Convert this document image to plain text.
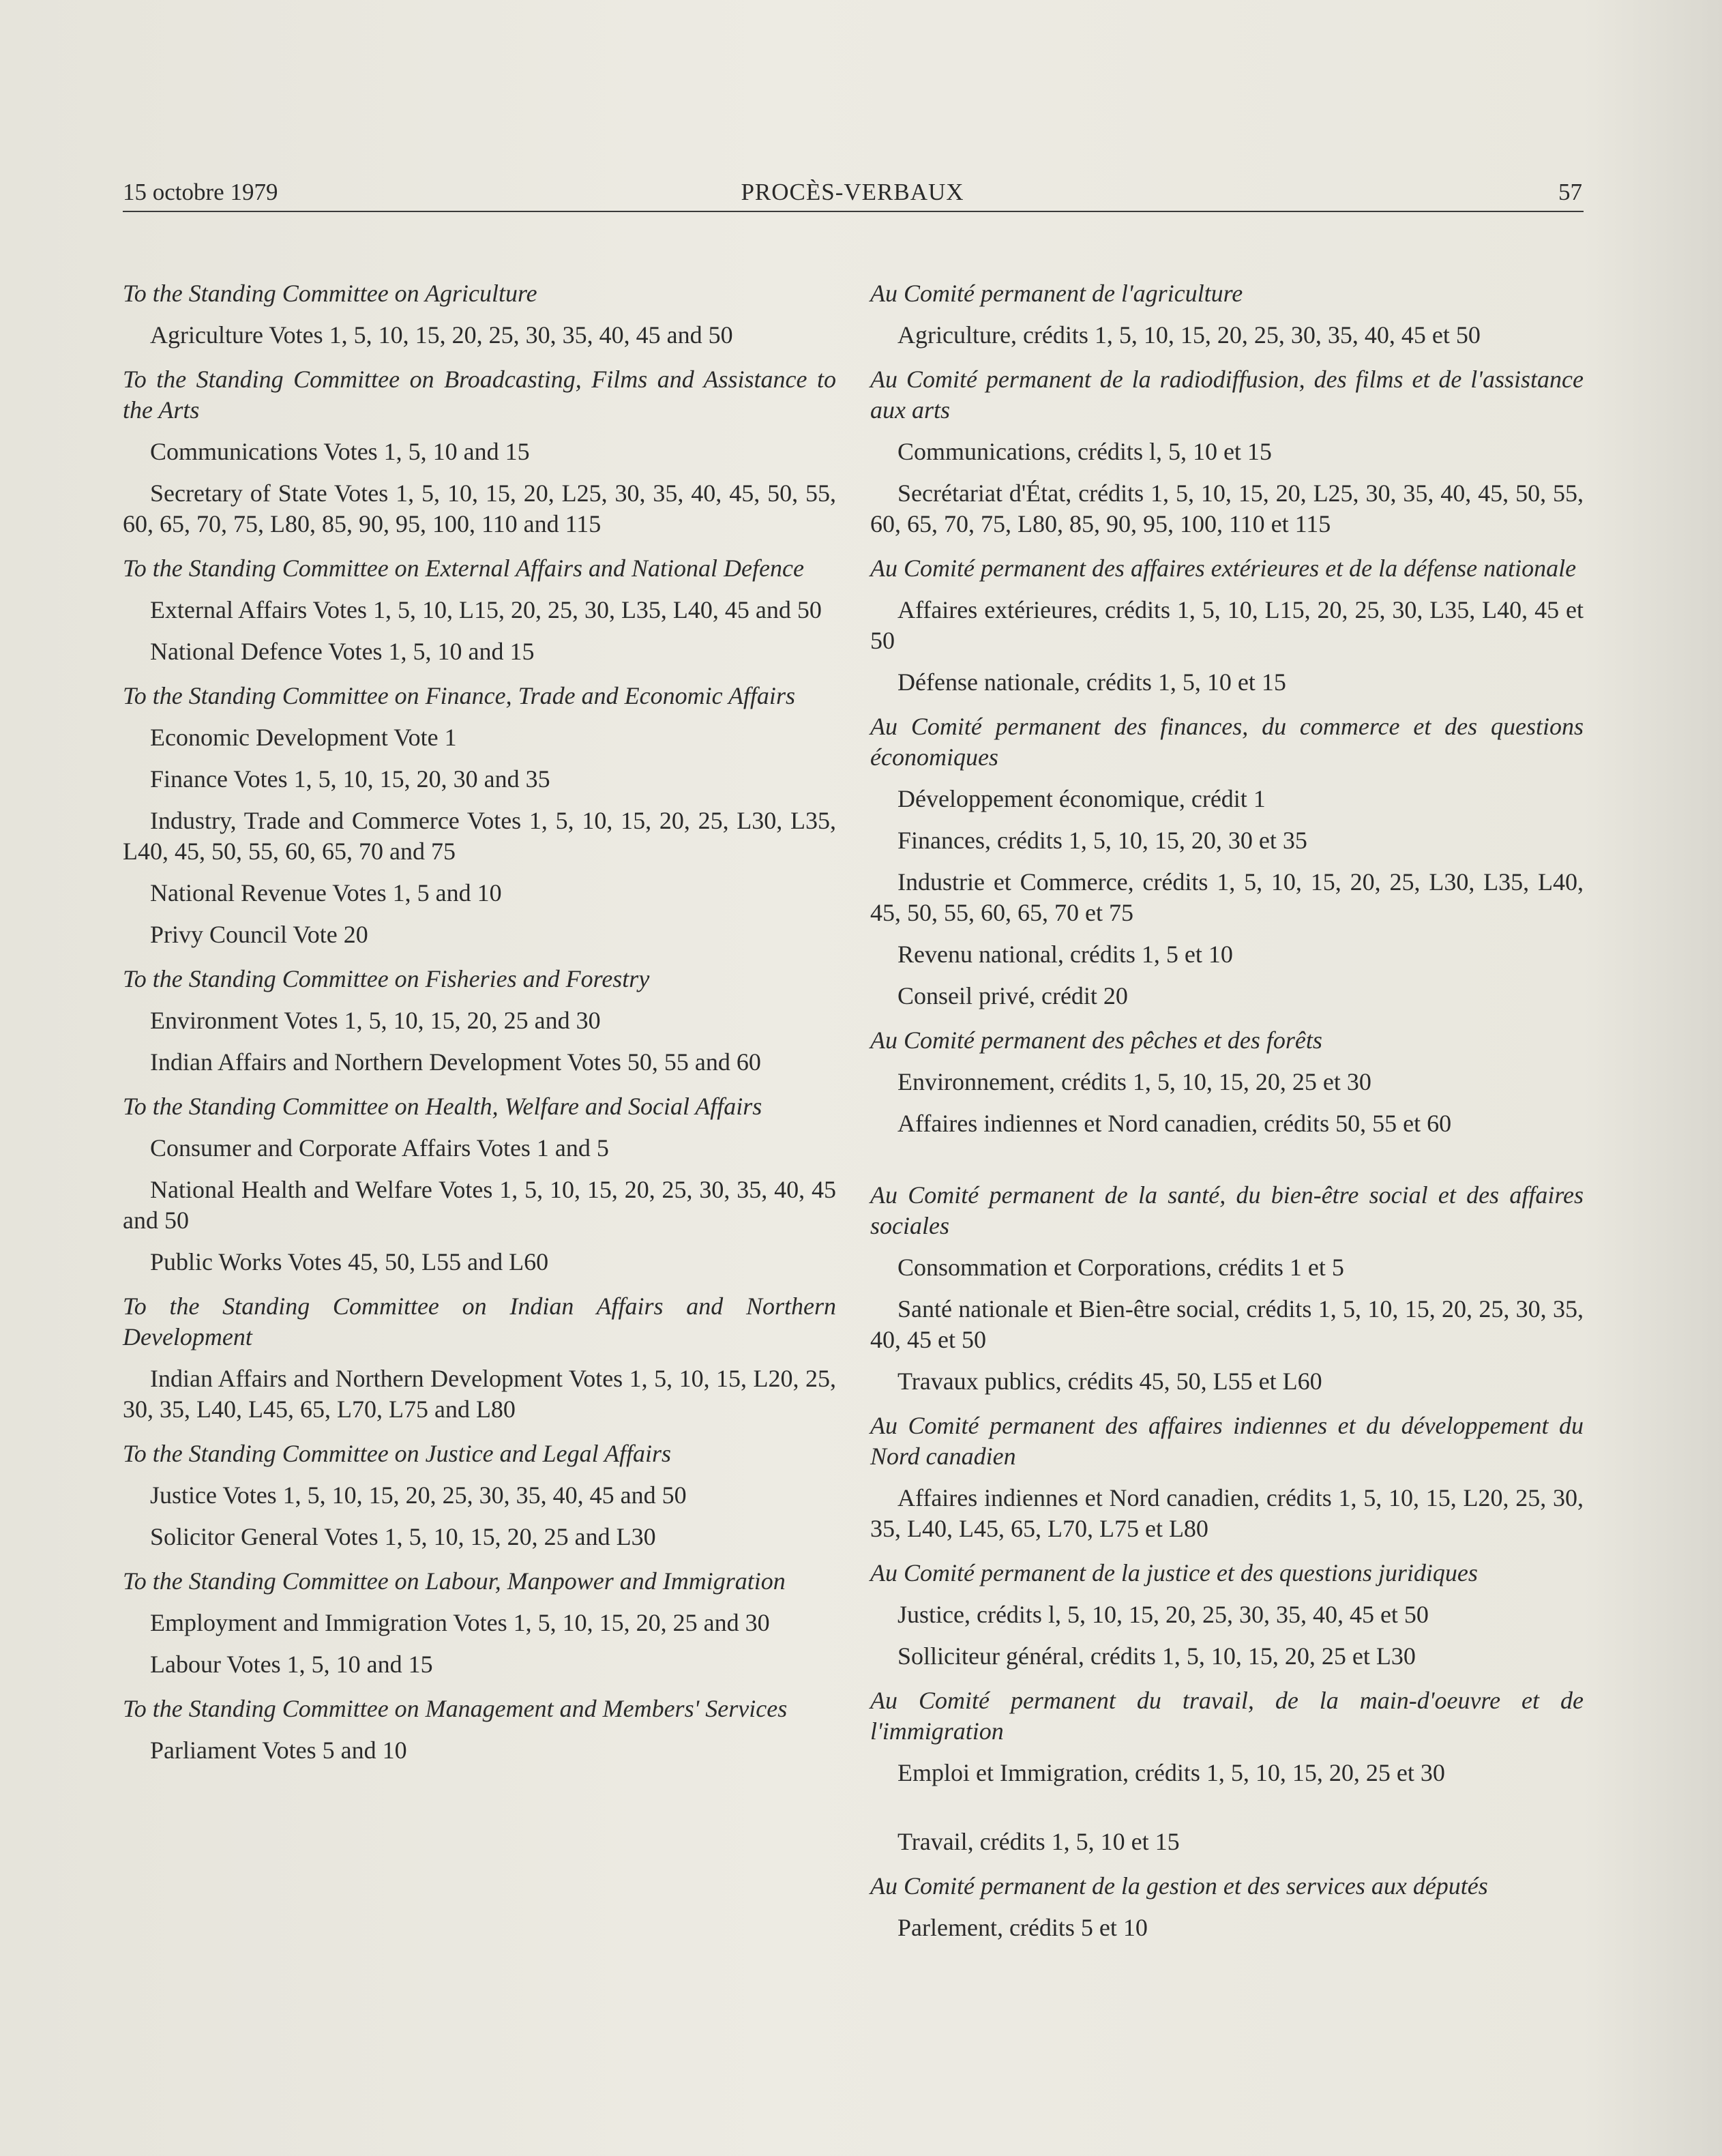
15 octobre 1979	PROCÈS-VERBAUX	57
To the Standing Committee on Agriculture
Agriculture Votes 1, 5, 10, 15, 20, 25, 30, 35, 40, 45 and 50
To the Standing Committee on Broadcasting, Films and Assistance to the Arts
Communications Votes 1, 5, 10 and 15
Secretary of State Votes 1, 5, 10, 15, 20, L25, 30, 35, 40, 45, 50, 55, 60, 65, 70, 75, L80, 85, 90, 95, 100, 110 and 115
To the Standing Committee on External Affairs and National Defence
External Affairs Votes 1, 5, 10, L15, 20, 25, 30, L35, L40, 45 and 50
National Defence Votes 1, 5, 10 and 15
To the Standing Committee on Finance, Trade and Economic Affairs
Economic Development Vote 1
Finance Votes 1, 5, 10, 15, 20, 30 and 35
Industry, Trade and Commerce Votes 1, 5, 10, 15, 20, 25, L30, L35, L40, 45, 50, 55, 60, 65, 70 and 75
National Revenue Votes 1, 5 and 10
Privy Council Vote 20
To the Standing Committee on Fisheries and Forestry
Environment Votes 1, 5, 10, 15, 20, 25 and 30
Indian Affairs and Northern Development Votes 50, 55 and 60
To the Standing Committee on Health, Welfare and Social Affairs
Consumer and Corporate Affairs Votes 1 and 5
National Health and Welfare Votes 1, 5, 10, 15, 20, 25, 30, 35, 40, 45 and 50
Public Works Votes 45, 50, L55 and L60
To the Standing Committee on Indian Affairs and Northern Development
Indian Affairs and Northern Development Votes 1, 5, 10, 15, L20, 25, 30, 35, L40, L45, 65, L70, L75 and L80
To the Standing Committee on Justice and Legal Affairs
Justice Votes 1, 5, 10, 15, 20, 25, 30, 35, 40, 45 and 50
Solicitor General Votes 1, 5, 10, 15, 20, 25 and L30
To the Standing Committee on Labour, Manpower and Immigration
Employment and Immigration Votes 1, 5, 10, 15, 20, 25 and 30
Labour Votes 1, 5, 10 and 15
To the Standing Committee on Management and Members' Services
Parliament Votes 5 and 10
Au Comité permanent de l'agriculture
Agriculture, crédits 1, 5, 10, 15, 20, 25, 30, 35, 40, 45 et 50
Au Comité permanent de la radiodiffusion, des films et de l'assistance aux arts
Communications, crédits l, 5, 10 et 15
Secrétariat d'État, crédits 1, 5, 10, 15, 20, L25, 30, 35, 40, 45, 50, 55, 60, 65, 70, 75, L80, 85, 90, 95, 100, 110 et 115
Au Comité permanent des affaires extérieures et de la défense nationale
Affaires extérieures, crédits 1, 5, 10, L15, 20, 25, 30, L35, L40, 45 et 50
Défense nationale, crédits 1, 5, 10 et 15
Au Comité permanent des finances, du commerce et des questions économiques
Développement économique, crédit 1
Finances, crédits 1, 5, 10, 15, 20, 30 et 35
Industrie et Commerce, crédits 1, 5, 10, 15, 20, 25, L30, L35, L40, 45, 50, 55, 60, 65, 70 et 75
Revenu national, crédits 1, 5 et 10
Conseil privé, crédit 20
Au Comité permanent des pêches et des forêts
Environnement, crédits 1, 5, 10, 15, 20, 25 et 30
Affaires indiennes et Nord canadien, crédits 50, 55 et 60
Au Comité permanent de la santé, du bien-être social et des affaires sociales
Consommation et Corporations, crédits 1 et 5
Santé nationale et Bien-être social, crédits 1, 5, 10, 15, 20, 25, 30, 35, 40, 45 et 50
Travaux publics, crédits 45, 50, L55 et L60
Au Comité permanent des affaires indiennes et du développement du Nord canadien
Affaires indiennes et Nord canadien, crédits 1, 5, 10, 15, L20, 25, 30, 35, L40, L45, 65, L70, L75 et L80
Au Comité permanent de la justice et des questions juridiques
Justice, crédits l, 5, 10, 15, 20, 25, 30, 35, 40, 45 et 50
Solliciteur général, crédits 1, 5, 10, 15, 20, 25 et L30
Au Comité permanent du travail, de la main-d'oeuvre et de l'immigration
Emploi et Immigration, crédits 1, 5, 10, 15, 20, 25 et 30
Travail, crédits 1, 5, 10 et 15
Au Comité permanent de la gestion et des services aux députés
Parlement, crédits 5 et 10
